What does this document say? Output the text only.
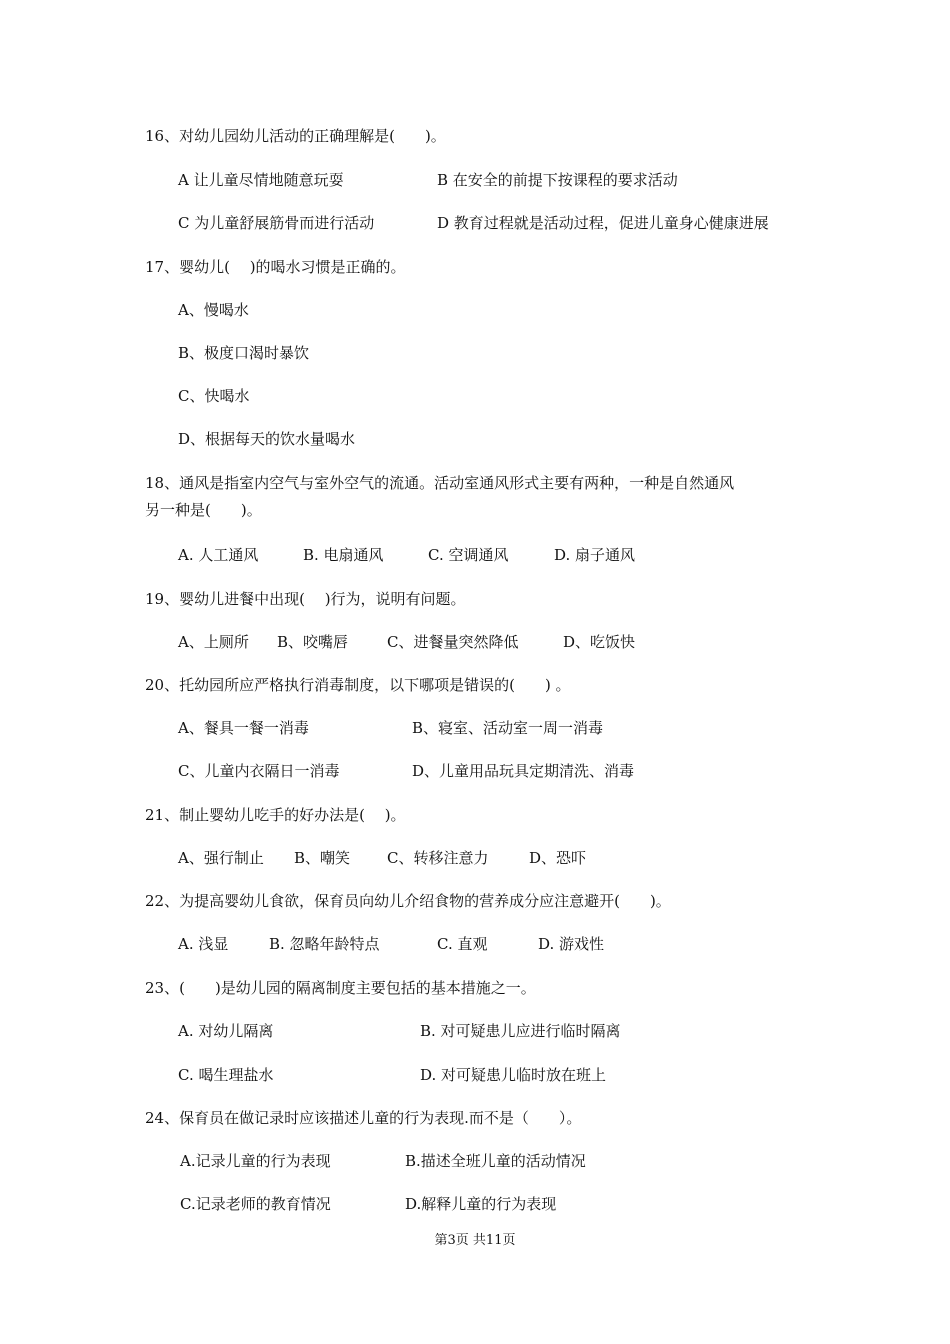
16、对幼儿园幼儿活动的正确理解是(　　)。
A 让儿童尽情地随意玩耍	B 在安全的前提下按课程的要求活动
C 为儿童舒展筋骨而进行活动	D 教育过程就是活动过程，促进儿童身心健康进展
17、婴幼儿(　 )的喝水习惯是正确的。
A、慢喝水
B、极度口渴时暴饮
C、快喝水
D、根据每天的饮水量喝水
18、通风是指室内空气与室外空气的流通。活动室通风形式主要有两种，一种是自然通风
另一种是(　　)。
A. 人工通风	B. 电扇通风	C. 空调通风	D. 扇子通风
19、婴幼儿进餐中出现(　 )行为，说明有问题。
A、上厕所 B、咬嘴唇	C、进餐量突然降低	D、吃饭快
20、托幼园所应严格执行消毒制度，以下哪项是错误的(　　) 。
A、餐具一餐一消毒	B、寝室、活动室一周一消毒
C、儿童内衣隔日一消毒	D、儿童用品玩具定期清洗、消毒
21、制止婴幼儿吃手的好办法是(　 )。
A、强行制止 B、嘲笑 C、转移注意力	D、恐吓
22、为提高婴幼儿食欲，保育员向幼儿介绍食物的营养成分应注意避开(　　)。
A. 浅显	B. 忽略年龄特点	C. 直观	D. 游戏性
23、(　　)是幼儿园的隔离制度主要包括的基本措施之一。
A. 对幼儿隔离	B. 对可疑患儿应进行临时隔离
C. 喝生理盐水	D. 对可疑患儿临时放在班上
24、保育员在做记录时应该描述儿童的行为表现.而不是（　　）。
A.记录儿童的行为表现	B.描述全班儿童的活动情况
C.记录老师的教育情况	D.解释儿童的行为表现
第3页 共11页
